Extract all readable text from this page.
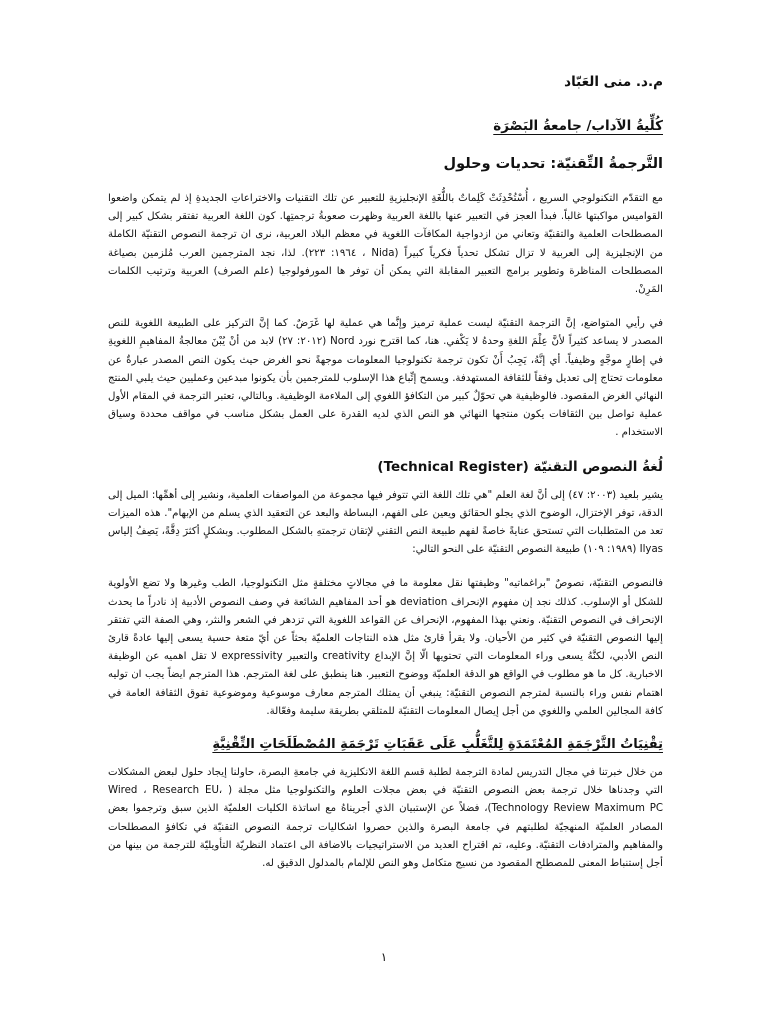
م.د. منى العَبّاد
كُلِّيةُ الآداب/ جامعةُ البَصْرَة
التَّرجمةُ التِّقنيّة: تحديات وحلول

مع التقدّم التكنولوجي السريع ، أُسْتُحْدِثَتْ كَلِماتٌ باللُّغَةِ الإنجليزيةِ للتعبير عن تلك التقنيات والاختراعاتِ الجديدةِ إذ لم يتمكن واضعوا القواميس مواكبتها غالباً. فبدأ العجز في التعبير عنها باللغة العربية وظهرت صعوبةُ ترجمتِها. كون اللغة العربية تفتقر بشكل كبير إلى المصطلحات العلمية والتقنيّة وتعاني من ازدواجية المكافآت اللغوية في معظم البلاد العربية، نرى ان ترجمة النصوص التقنيّة الكاملة من الإنجليزية إلى العربية لا تزال تشكل تحدياً فكرياً كبيراً (Nida ، ١٩٦٤: ٢٢٣). لذا، نجد المترجمين العرب مُلزمين بصياغة المصطلحات المناظرة وتطوير برامج التعبير المقابلة التي يمكن أن توفر ها المورفولوجيا (علم الصرف) العربية وترتيب الكلمات المَرِنْ.

في رأيي المتواضع، إنَّ الترجمة التقنيّة ليست عملية ترميز وإنَّما هي عملية لها غَرَضٌ. كما إنَّ التركيز على الطبيعة اللغوية للنص المصدر لا يساعد كثيراً لأنَّ عِلْمَ اللغةِ وحدهُ لا يَكْفي. هنا، كما اقترح نورد Nord (٢٠١٢: ٢٧) لابد من أنْ يُبْنَ معالجةُ المفاهيمِ اللغويةِ في إطارٍ موجَّهٍ وظيفياً. أي إنَّهُ، يَجِبُ أَنْ تكون ترجمة تكنولوجيا المعلومات موجهةً نحو الغرض حيث يكون النص المصدر عبارةٌ عن معلومات تحتاج إلى تعديل وفقاً للثقافة المستهدفة. ويسمح إتِّباع هذا الإسلوب للمترجمين بأن يكونوا مبدعين وعمليين حيث يلبي المنتج النهائي الغرض المقصود. فالوظيفية هي تحوّلٌ كبير من التكافؤ اللغوي إلى الملاءمة الوظيفية. وبالتالي، تعتبر الترجمة في المقام الأول عملية تواصل بين الثقافات يكون منتجها النهائي هو النص الذي لديه القدرة على العمل بشكل مناسب في مواقف محددة وسياق الاستخدام .

لُغةُ النصوص التقنيّة (Technical Register)

يشير بلعيد (٢٠٠٣: ٤٧) إلى أنَّ لغة العلم "هي تلك اللغة التي تتوفر فيها مجموعة من المواصفات العلمية، ونشير إلى أهمِّها: الميل إلى الدقة، توفر الإختزال، الوضوح الذي يجلو الحقائق ويعين على الفهم، البساطة والبعد عن التعقيد الذي يسلم من الإبهام". هذه الميزات تعد من المتطلبات التي تستحق عنايةً خاصةً لفهم طبيعة النص التقني لإتقان ترجمتهِ بالشكل المطلوب. وبشكلٍ أكثرَ دِقَّةً، يَصِفُ إلياس Ilyas (١٩٨٩: ١٠٩) طبيعة النصوص التقنيّة على النحو التالي:

فالنصوص التقنيّة، نصوصٌ "براغماتيه" وظيفتها نقل معلومة ما في مجالاتٍ مختلفةٍ مثل التكنولوجيا، الطب وغيرها ولا تضع الأولوية للشكل أو الإسلوب. كذلك نجد إن مفهوم الإنحراف deviation هو أحد المفاهيم الشائعة في وصف النصوص الأدبية إذ نادراً ما يحدث الإنحراف في النصوص التقنيّة. ونعني بهذا المفهوم، الإنحراف عن القواعد اللغوية التي تزدهر في الشعر والنثر، وهي الصفة التي تفتقر إليها النصوص التقنيّة في كثير من الأحيان. ولا يقرأ قارئ مثل هذه النتاجات العلميّة بحثاً عن أيّ متعة حسية يسعى إليها عادةً قارئ النص الأدبي، لكنَّهُ يسعى وراء المعلومات التي تحتويها الّا إنَّ الإبداع creativity والتعبير expressivity لا تقل اهميه عن الوظيفة الاخبارية. كل ما هو مطلوب في الواقع هو الدقة العلميّة ووضوح التعبير. هنا ينطبق على لغة المترجم. هذا المترجم ايضاً يجب ان توليه اهتمام نفس وراء بالنسبة لمترجم النصوص التقنيّة: ينبغي أن يمتلك المترجم معارف موسوعية وموضوعية تفوق الثقافة العامة في كافة المجالين العلمي واللغوي من أجل إيصال المعلومات التقنيّة للمتلقي بطريقة سليمة وفعّالة.

تِقْنِيَاتُ التَّرْجَمَةِ المُعْتَمَدَةِ لِلتَّغَلُّبِ عَلَى عَقَبَاتِ تَرْجَمَةِ المُصْطَلَحَاتِ التِّقْنِيَّةِ

من خلال خبرتنا في مجال التدريس لمادة الترجمة لطلبة قسم اللغة الانكليزية في جامعةِ البصرة، حاولنا إيجاد حلول لبعض المشكلات التي وجدناها خلال ترجمة بعض النصوص التقنيّة في بعض مجلات العلوم والتكنولوجيا مثل مجلة ( Wired ، Research EU، Technology Review Maximum PC)، فضلاً عن الإستبيان الذي أجريناهُ مع اساتذة الكليات العلميّة الذين سبق وترجموا بعض المصادر العلميّة المنهجيّة لطلبتهم في جامعة البصرة والذين حصروا اشكاليات ترجمة النصوص التقنيّة في تكافؤ المصطلحات والمفاهيم والمترادفات التقنيّة. وعليه، تم اقتراح العديد من الاستراتيجيات بالاضافة الى اعتماد النظريّة التأويليّة للترجمة من بينها من أجل إستنباط المعنى للمصطلح المقصود من نسيج متكامل وهو النص للإلمام بالمدلول الدقيق له.

١
